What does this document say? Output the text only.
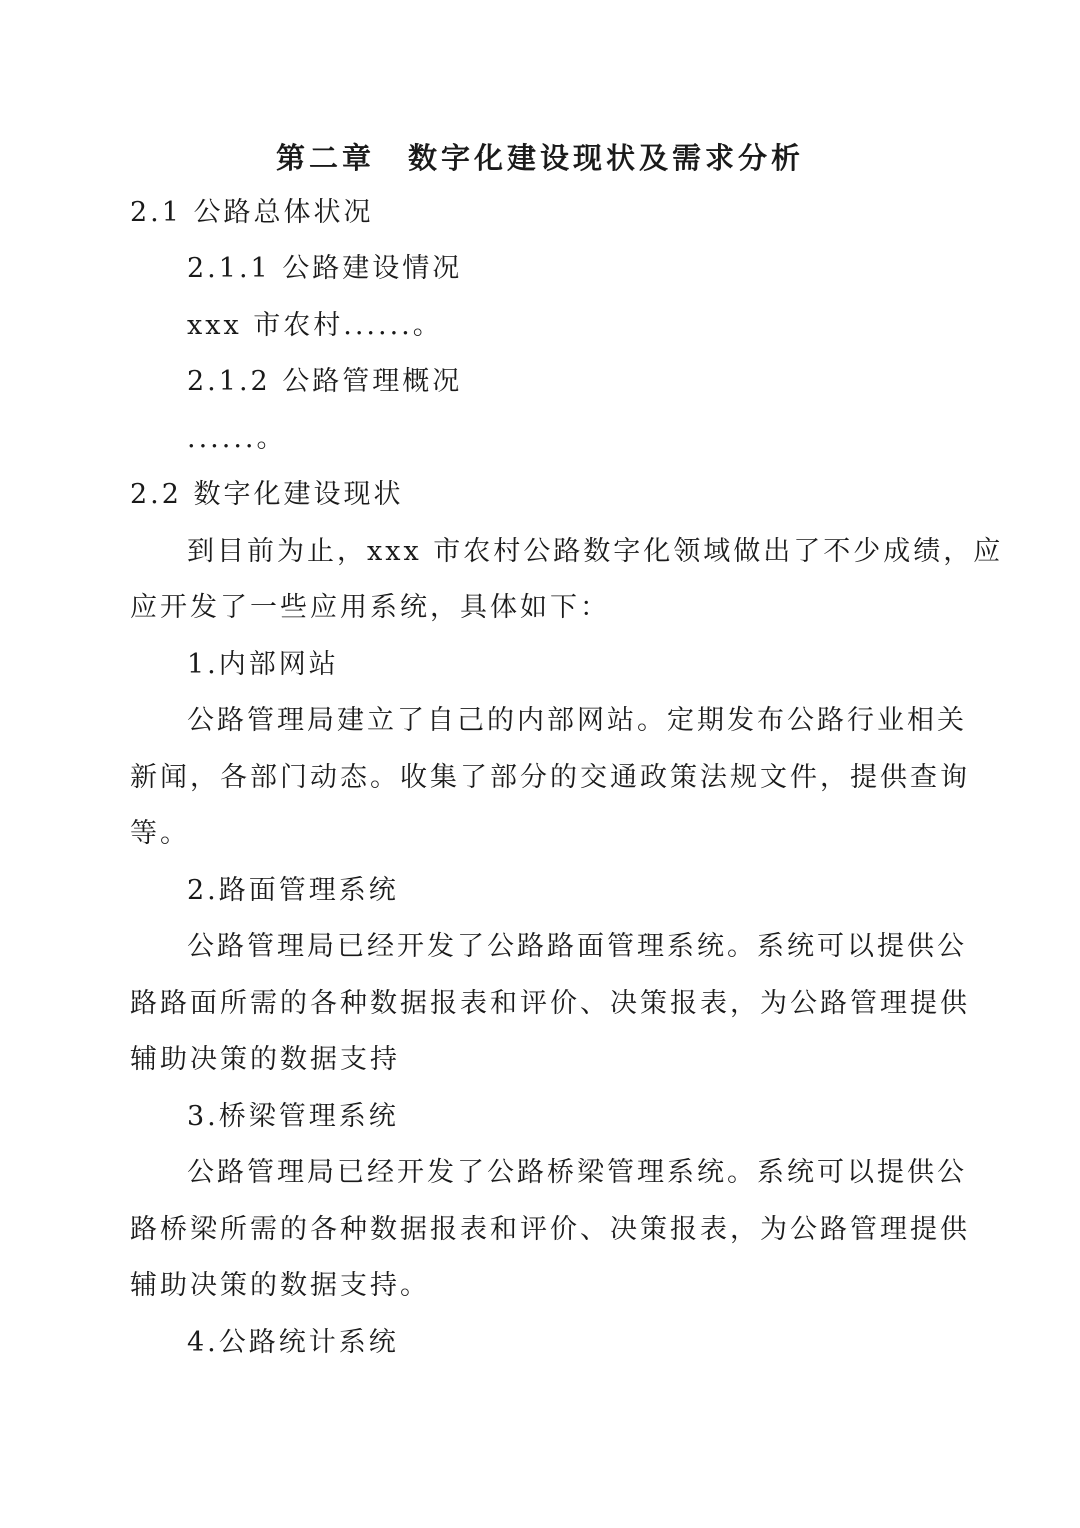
第二章　数字化建设现状及需求分析
2.1 公路总体状况
2.1.1 公路建设情况
xxx 市农村......。
2.1.2 公路管理概况
......。
2.2 数字化建设现状
到目前为止，xxx 市农村公路数字化领域做出了不少成绩，应
应开发了一些应用系统，具体如下：
1.内部网站
公路管理局建立了自己的内部网站。定期发布公路行业相关
新闻，各部门动态。收集了部分的交通政策法规文件，提供查询
等。
2.路面管理系统
公路管理局已经开发了公路路面管理系统。系统可以提供公
路路面所需的各种数据报表和评价、决策报表，为公路管理提供
辅助决策的数据支持
3.桥梁管理系统
公路管理局已经开发了公路桥梁管理系统。系统可以提供公
路桥梁所需的各种数据报表和评价、决策报表，为公路管理提供
辅助决策的数据支持。
4.公路统计系统
